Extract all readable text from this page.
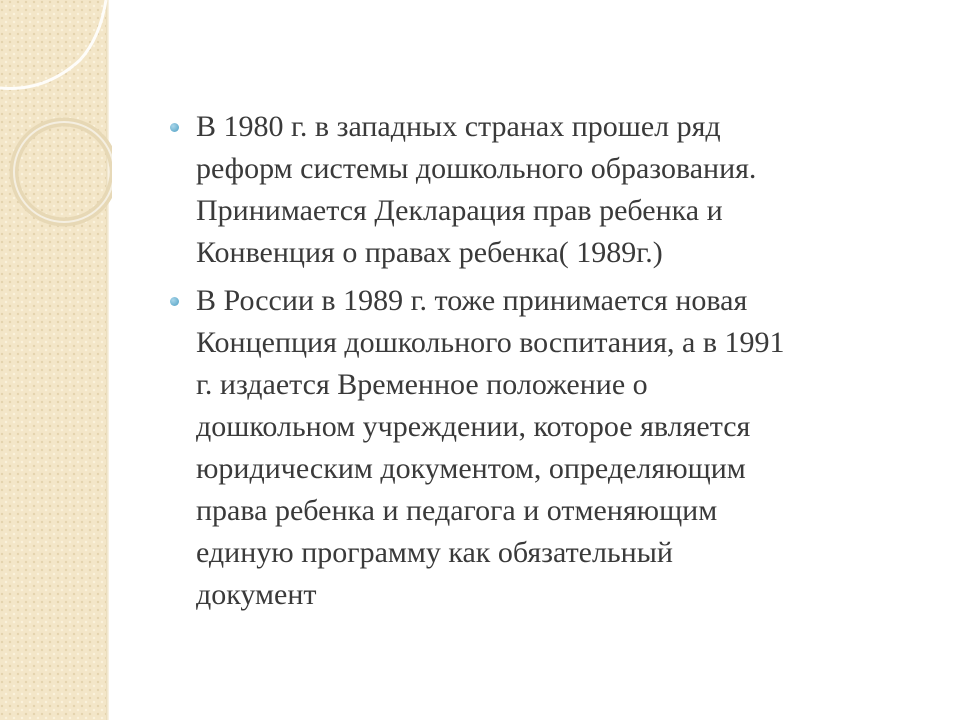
В 1980 г. в западных странах прошел ряд
реформ системы дошкольного образования.
Принимается Декларация прав ребенка и
Конвенция о правах ребенка( 1989г.)
В России в 1989 г. тоже принимается новая
Концепция дошкольного воспитания, а в 1991
г. издается Временное положение о
дошкольном учреждении, которое является
юридическим документом, определяющим
права ребенка и педагога и отменяющим
единую программу как обязательный
документ
